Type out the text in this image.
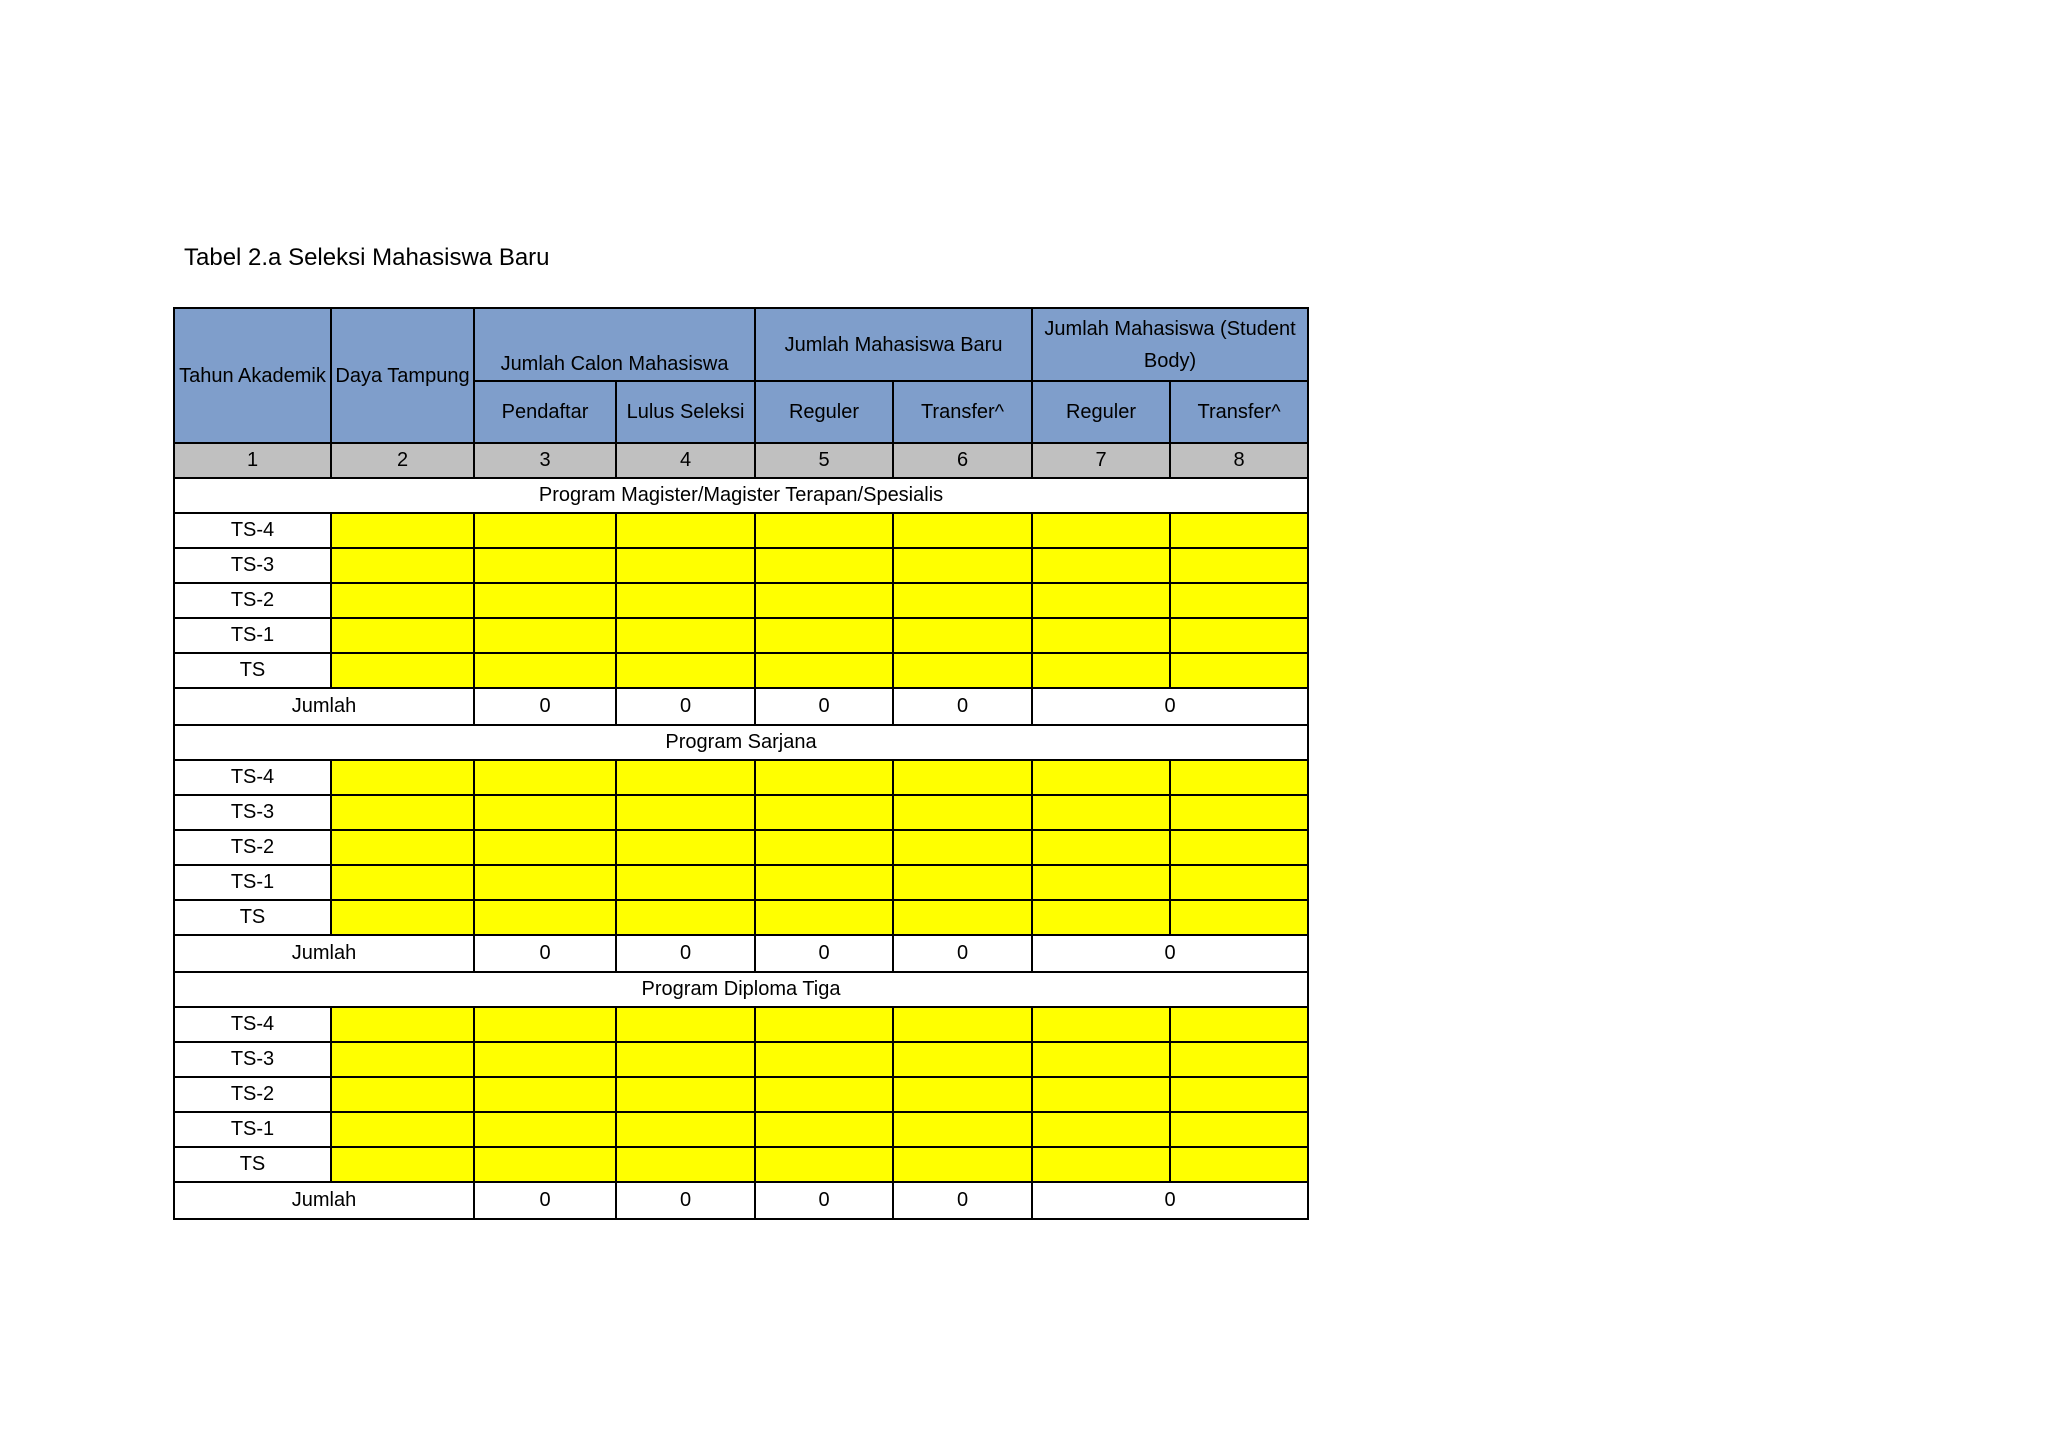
Tabel 2.a Seleksi Mahasiswa Baru
Tahun Akademik	Daya Tampung	Jumlah Calon Mahasiswa		Jumlah Mahasiswa Baru		Jumlah Mahasiswa (Student Body)	
		Pendaftar	Lulus Seleksi	Reguler	Transfer^	Reguler	Transfer^
1	2	3	4	5	6	7	8
Program Magister/Magister Terapan/Spesialis							
TS-4							
TS-3							
TS-2							
TS-1							
TS							
Jumlah		0	0	0	0	0	
Program Sarjana							
TS-4							
TS-3							
TS-2							
TS-1							
TS							
Jumlah		0	0	0	0	0	
Program Diploma Tiga							
TS-4							
TS-3							
TS-2							
TS-1							
TS							
Jumlah		0	0	0	0	0	
